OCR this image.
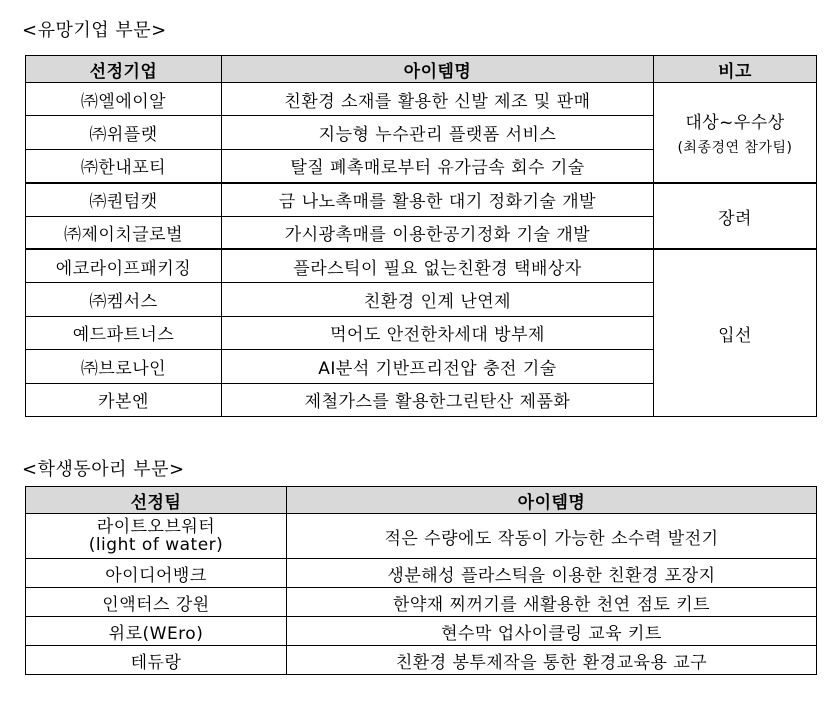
<유망기업 부문>
선정기업	아이템명	비고
㈜엘에이알	친환경 소재를 활용한 신발 제조 및 판매	대상~우수상
(최종경연 참가팀)

㈜위플랫	지능형 누수관리 플랫폼 서비스	
㈜한내포티	탈질 폐촉매로부터 유가금속 회수 기술	
㈜퀀텀캣	금 나노촉매를 활용한 대기 정화기술 개발	장려
㈜제이치글로벌	가시광촉매를 이용한공기정화 기술 개발	
에코라이프패키징	플라스틱이 필요 없는친환경 택배상자	입선
㈜켐서스	친환경 인계 난연제	
예드파트너스	먹어도 안전한차세대 방부제	
㈜브로나인	AI분석 기반프리전압 충전 기술	
카본엔	제철가스를 활용한그린탄산 제품화	
<학생동아리 부문>
선정팀	아이템명

라이트오브워터
(light of water)	적은 수량에도 작동이 가능한 소수력 발전기
아이디어뱅크	생분해성 플라스틱을 이용한 친환경 포장지
인액터스 강원	한약재 찌꺼기를 새활용한 천연 점토 키트
위로(WEro)	현수막 업사이클링 교육 키트
테듀랑	친환경 봉투제작을 통한 환경교육용 교구
